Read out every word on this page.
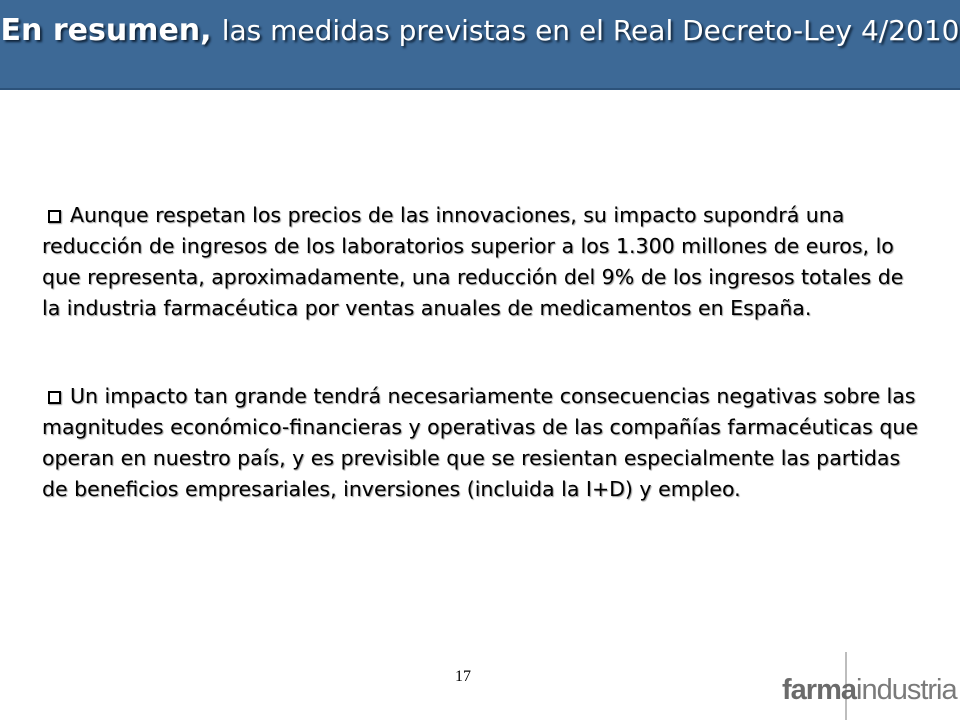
En resumen, las medidas previstas en el Real Decreto-Ley 4/2010

Aunque respetan los precios de las innovaciones, su impacto supondrá una reducción de ingresos de los laboratorios superior a los 1.300 millones de euros, lo que representa, aproximadamente, una reducción del 9% de los ingresos totales de la industria farmacéutica por ventas anuales de medicamentos en España.

Un impacto tan grande tendrá necesariamente consecuencias negativas sobre las magnitudes económico-financieras y operativas de las compañías farmacéuticas que operan en nuestro país, y es previsible que se resientan especialmente las partidas de beneficios empresariales, inversiones (incluida la I+D) y empleo.

17	farmaindustria
